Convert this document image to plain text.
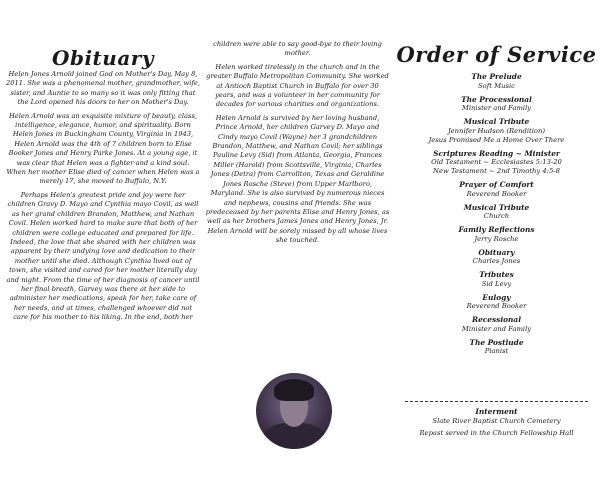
Obituary

Helen Jones Arnold joined God on Mother's Day, May 8, 2011. She was a phenomenal mother, grandmother, wife, sister, and Auntie to so many so it was only fitting that the Lord opened his doors to her on Mother's Day.

Helen Arnold was an exquisite mixture of beauty, class, intelligence, elegance, humor, and spirituality. Born Helen Jones in Buckingham County, Virginia in 1943, Helen Arnold was the 4th of 7 children born to Elise Booker Jones and Henry Parke Jones. At a young age, it was clear that Helen was a fighter and a kind soul. When her mother Elise died of cancer when Helen was a merely 17, she moved to Buffalo, N.Y.

Perhaps Helen's greatest pride and joy were her children Gravy D. Mayo and Cynthia mayo Covil, as well as her grand children Brandon, Matthew, and Nathan Covil. Helen worked hard to make sure that both of her children were college educated and prepared for life. Indeed, the love that she shared with her children was apparent by their undying love and dedication to their mother until she died. Although Cynthia lived out of town, she visited and cared for her mother literally day and night. From the time of her diagnosis of cancer until her final breath, Garvey was there at her side to administer her medications, speak for her, take care of her needs, and at times, challenged whoever did not care for his mother to his liking. In the end, both her

children were able to say good-bye to their loving mother.

Helen worked tirelessly in the church and in the greater Buffalo Metropolitan Community. She worked at Antioch Baptist Church in Buffalo for over 30 years, and was a volunteer in her community for decades for various charities and organizations.

Helen Arnold is survived by her loving husband, Prince Arnold, her children Garvey D. Mayo and Cindy mayo Covil (Wayne) her 3 grandchildren Brandon, Matthew, and Nathan Covil; her siblings Pauline Levy (Sid) from Atlanta, Georgia, Frances Miller (Harold) from Scottsville, Virginia, Charles Jones (Detra) from Carrollton, Texas and Geraldine Jones Rosche (Steve) from Upper Marlboro, Maryland. She is also survived by numerous nieces and nephews, cousins and friends. She was predeceased by her parents Elise and Henry Jones, as well as her brothers James Jones and Henry Jones, Jr. Helen Arnold will be sorely missed by all whose lives she touched.

Order of Service
The Prelude
Soft Music
The Processional
Minister and Family
Musical Tribute
Jennifer Hudson (Rendition)
Jesus Promised Me a Home Over There
Scriptures Reading ~ Minister
Old Testament ~ Ecclesiastes 5:13-20
New Testament ~ 2nd Timothy 4:5-8
Prayer of Comfort
Reverend Booker
Musical Tribute
Church
Family Reflections
Jerry Rosche
Obituary
Charles Jones
Tributes
Sid Levy
Eulogy
Reverend Booker
Recessional
Minister and Family
The Postlude
Pianist
Interment
Slate River Baptist Church Cemetery
Repast served in the Church Fellowship Hall
